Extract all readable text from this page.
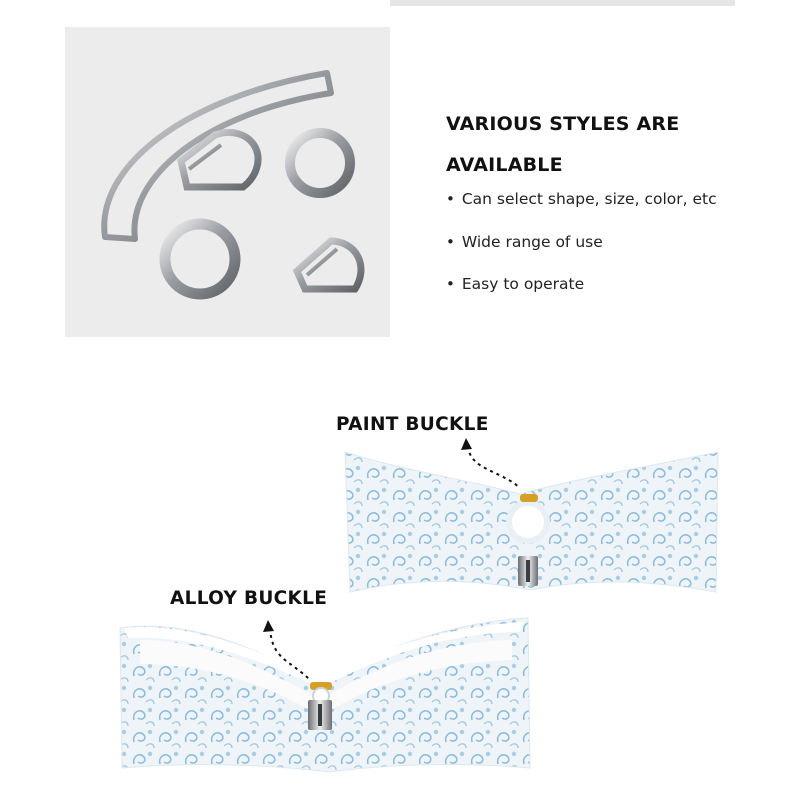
VARIOUS STYLES ARE AVAILABLE
• Can select shape, size, color, etc
• Wide range of use
• Easy to operate
PAINT BUCKLE
ALLOY BUCKLE
